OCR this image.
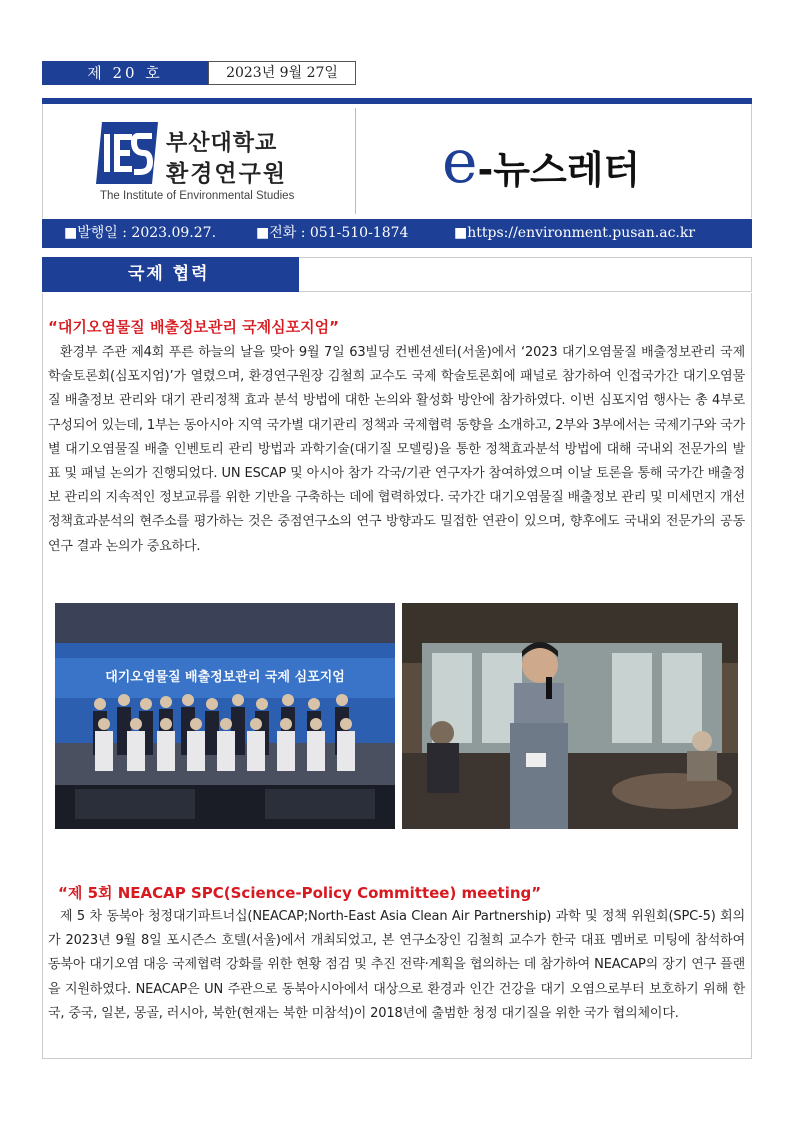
제 20 호	2023년 9월 27일
부산대학교
환경연구원
The Institute of Environmental Studies e-뉴스레터
■발행일 : 2023.09.27.	■전화 : 051-510-1874	■https://environment.pusan.ac.kr
국제 협력
“대기오염물질 배출정보관리 국제심포지엄”
환경부 주관 제4회 푸른 하늘의 날을 맞아 9월 7일 63빌딩 컨벤션센터(서울)에서 ‘2023 대기오염물질 배출정보관리 국제 학술토론회(심포지엄)’가 열렸으며, 환경연구원장 김철희 교수도 국제 학술토론회에 패널로 참가하여 인접국가간 대기오염물질 배출정보 관리와 대기 관리정책 효과 분석 방법에 대한 논의와 활성화 방안에 참가하였다. 이번 심포지엄 행사는 총 4부로 구성되어 있는데, 1부는 동아시아 지역 국가별 대기관리 정책과 국제협력 동향을 소개하고, 2부와 3부에서는 국제기구와 국가별 대기오염물질 배출 인벤토리 관리 방법과 과학기술(대기질 모델링)을 통한 정책효과분석 방법에 대해 국내외 전문가의 발표 및 패널 논의가 진행되었다. UN ESCAP 및 아시아 참가 각국/기관 연구자가 참여하였으며 이날 토론을 통해 국가간 배출정보 관리의 지속적인 정보교류를 위한 기반을 구축하는 데에 협력하였다. 국가간 대기오염물질 배출정보 관리 및 미세먼지 개선 정책효과분석의 현주소를 평가하는 것은 중점연구소의 연구 방향과도 밀접한 연관이 있으며, 향후에도 국내외 전문가의 공동연구 결과 논의가 중요하다.
대기오염물질 배출정보관리 국제 심포지엄
“제 5회 NEACAP SPC(Science-Policy Committee) meeting”
제 5 차 동북아 청정대기파트너십(NEACAP;North-East Asia Clean Air Partnership) 과학 및 정책 위원회(SPC-5) 회의가 2023년 9월 8일 포시즌스 호텔(서울)에서 개최되었고, 본 연구소장인 김철희 교수가 한국 대표 멤버로 미팅에 참석하여 동북아 대기오염 대응 국제협력 강화를 위한 현황 점검 및 추진 전략·계획을 협의하는 데 참가하여 NEACAP의 장기 연구 플랜을 지원하였다. NEACAP은 UN 주관으로 동북아시아에서 대상으로 환경과 인간 건강을 대기 오염으로부터 보호하기 위해 한국, 중국, 일본, 몽골, 러시아, 북한(현재는 북한 미참석)이 2018년에 출범한 청정 대기질을 위한 국가 협의체이다.
